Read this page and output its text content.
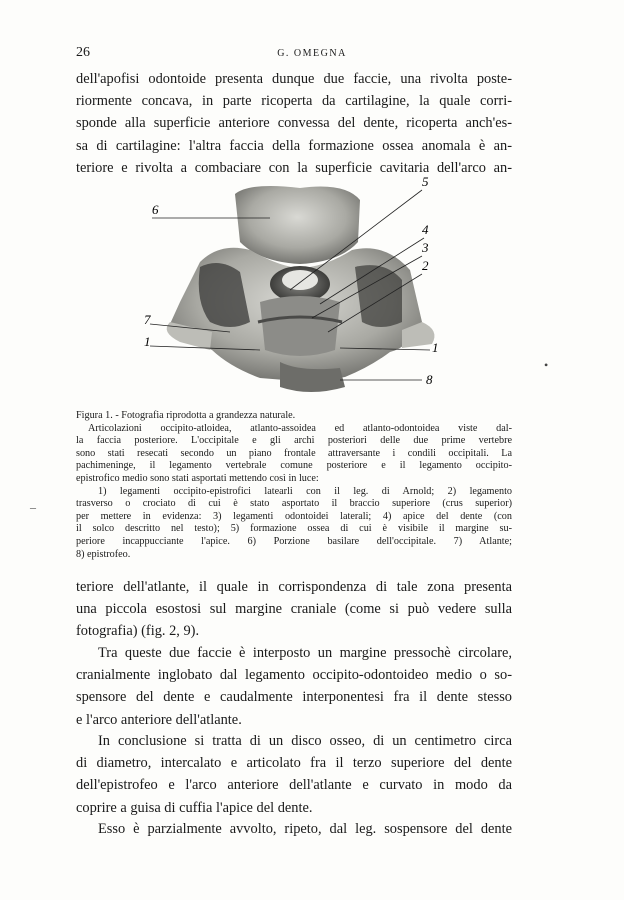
26	G. OMEGNA

dell'apofisi odontoide presenta dunque due faccie, una rivolta poste-
riormente concava, in parte ricoperta da cartilagine, la quale corri-
sponde alla superficie anteriore convessa del dente, ricoperta anch'es-
sa di cartilagine: l'altra faccia della formazione ossea anomala è an-
teriore e rivolta a combaciare con la superficie cavitaria dell'arco an-

6
5
4
3
2
7
1	1
8
Figura 1. - Fotografia riprodotta a grandezza naturale.
Articolazioni occipito-atloidea, atlanto-assoidea ed atlanto-odontoidea viste dal-
la faccia posteriore. L'occipitale e gli archi posteriori delle due prime vertebre
sono stati resecati secondo un piano frontale attraversante i condili occipitali. La
pachimeninge, il legamento vertebrale comune posteriore e il legamento occipito-
epistrofico medio sono stati asportati mettendo così in luce:
1) legamenti occipito-epistrofici latearli con il leg. di Arnold; 2) legamento
trasverso o crociato di cui è stato asportato il braccio superiore (crus superior)
per mettere in evidenza: 3) legamenti odontoidei laterali; 4) apice del dente (con
il solco descritto nel testo); 5) formazione ossea di cui è visibile il margine su-
periore incappucciante l'apice. 6) Porzione basilare dell'occipitale. 7) Atlante;
8) epistrofeo.
–
•

teriore dell'atlante, il quale in corrispondenza di tale zona presenta
una piccola esostosi sul margine craniale (come si può vedere sulla
fotografia) (fig. 2, 9).

Tra queste due faccie è interposto un margine pressochè circolare,
cranialmente inglobato dal legamento occipito-odontoideo medio o so-
spensore del dente e caudalmente interponentesi fra il dente stesso
e l'arco anteriore dell'atlante.

In conclusione si tratta di un disco osseo, di un centimetro circa
di diametro, intercalato e articolato fra il terzo superiore del dente
dell'epistrofeo e l'arco anteriore dell'atlante e curvato in modo da
coprire a guisa di cuffia l'apice del dente.

Esso è parzialmente avvolto, ripeto, dal leg. sospensore del dente
